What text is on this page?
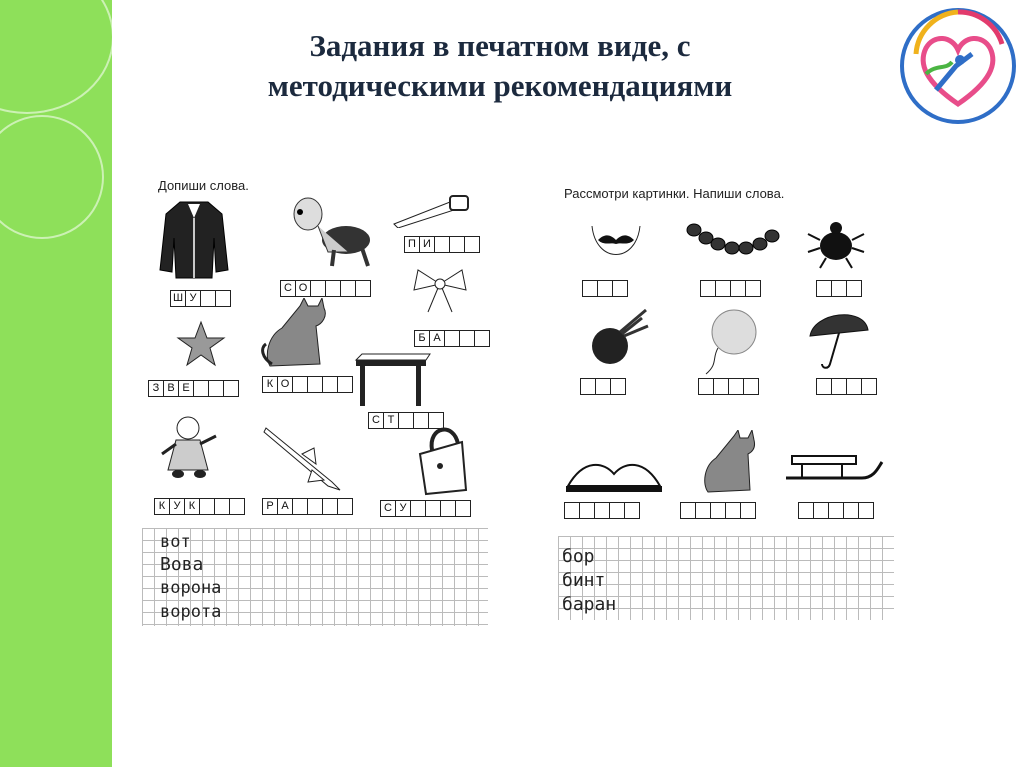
Задания в печатном виде, с
методическими рекомендациями
Допиши слова.
Ш У
С О
П И
Б А
З В Е	К О
С Т
К У К	Р А	С У
вот
Вова
ворона
ворота
Рассмотри картинки. Напиши слова.
бор
бинт
баран
